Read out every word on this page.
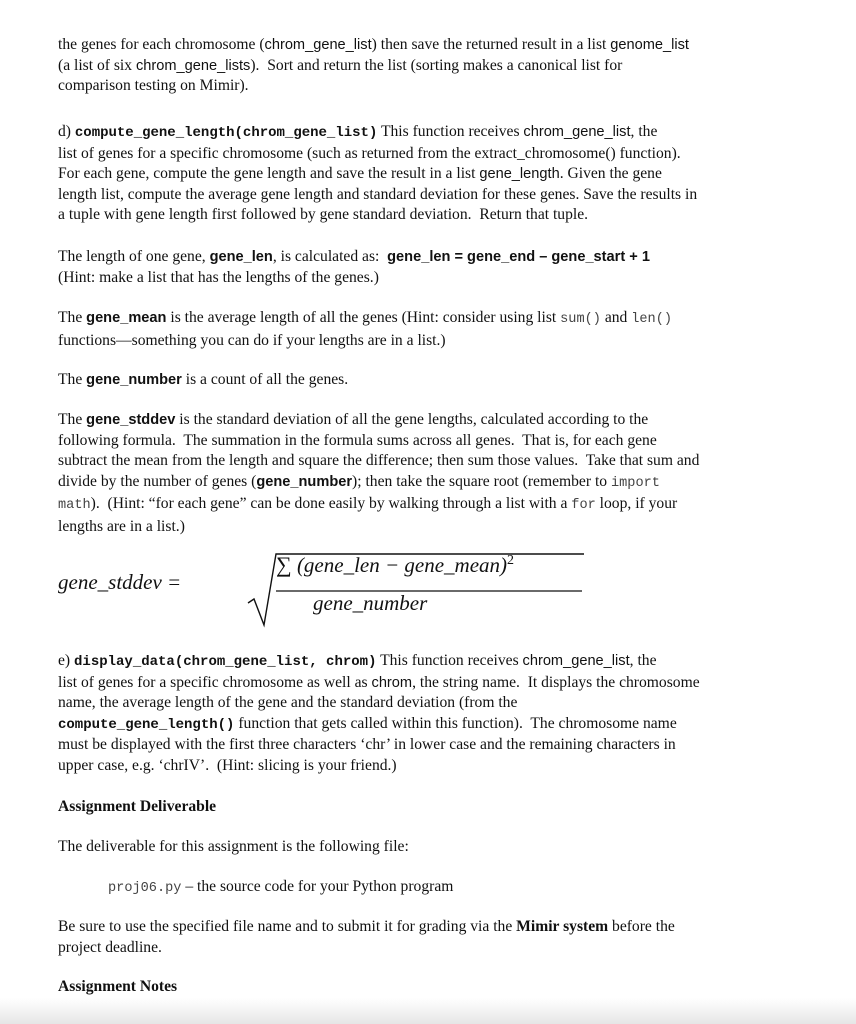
the genes for each chromosome (chrom_gene_list) then save the returned result in a list genome_list
(a list of six chrom_gene_lists).  Sort and return the list (sorting makes a canonical list for
comparison testing on Mimir).
d) compute_gene_length(chrom_gene_list) This function receives chrom_gene_list, the
list of genes for a specific chromosome (such as returned from the extract_chromosome() function).
For each gene, compute the gene length and save the result in a list gene_length. Given the gene
length list, compute the average gene length and standard deviation for these genes. Save the results in
a tuple with gene length first followed by gene standard deviation.  Return that tuple.
The length of one gene, gene_len, is calculated as:  gene_len = gene_end – gene_start + 1
(Hint: make a list that has the lengths of the genes.)
The gene_mean is the average length of all the genes (Hint: consider using list sum() and len()
functions—something you can do if your lengths are in a list.)
The gene_number is a count of all the genes.
The gene_stddev is the standard deviation of all the gene lengths, calculated according to the
following formula.  The summation in the formula sums across all genes.  That is, for each gene
subtract the mean from the length and square the difference; then sum those values.  Take that sum and
divide by the number of genes (gene_number); then take the square root (remember to import
math).  (Hint: “for each gene” can be done easily by walking through a list with a for loop, if your
lengths are in a list.)
gene_stddev =
∑ (gene_len − gene_mean)$^2$
gene_number
e) display_data(chrom_gene_list, chrom) This function receives chrom_gene_list, the
list of genes for a specific chromosome as well as chrom, the string name.  It displays the chromosome
name, the average length of the gene and the standard deviation (from the
compute_gene_length() function that gets called within this function).  The chromosome name
must be displayed with the first three characters ‘chr’ in lower case and the remaining characters in
upper case, e.g. ‘chrIV’.  (Hint: slicing is your friend.)
Assignment Deliverable
The deliverable for this assignment is the following file:
proj06.py – the source code for your Python program
Be sure to use the specified file name and to submit it for grading via the Mimir system before the
project deadline.
Assignment Notes
